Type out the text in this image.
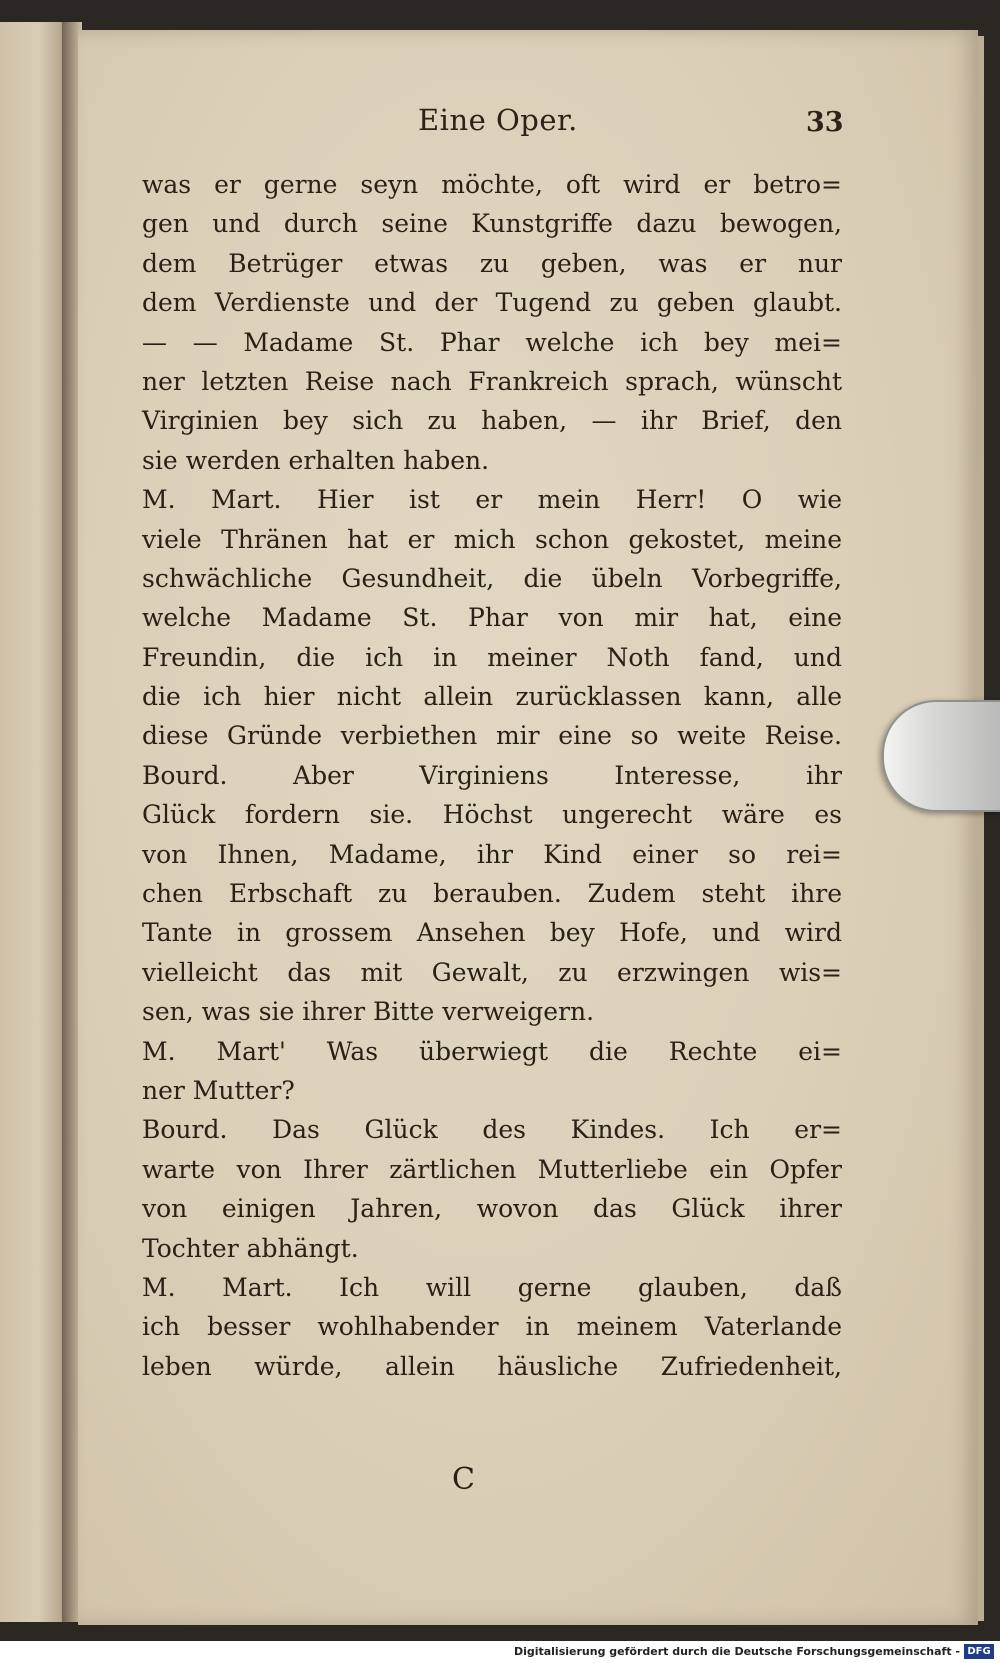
Eine Oper.	33
was er gerne seyn möchte, oft wird er betro=
gen und durch seine Kunstgriffe dazu bewogen,
dem Betrüger etwas zu geben, was er nur
dem Verdienste und der Tugend zu geben glaubt.
— — Madame St. Phar welche ich bey mei=
ner letzten Reise nach Frankreich sprach, wünscht
Virginien bey sich zu haben, — ihr Brief, den
sie werden erhalten haben.
M. Mart. Hier ist er mein Herr! O wie
viele Thränen hat er mich schon gekostet, meine
schwächliche Gesundheit, die übeln Vorbegriffe,
welche Madame St. Phar von mir hat, eine
Freundin, die ich in meiner Noth fand, und
die ich hier nicht allein zurücklassen kann, alle
diese Gründe verbiethen mir eine so weite Reise.
Bourd. Aber Virginiens Interesse, ihr
Glück fordern sie. Höchst ungerecht wäre es
von Ihnen, Madame, ihr Kind einer so rei=
chen Erbschaft zu berauben. Zudem steht ihre
Tante in grossem Ansehen bey Hofe, und wird
vielleicht das mit Gewalt, zu erzwingen wis=
sen, was sie ihrer Bitte verweigern.
M. Mart' Was überwiegt die Rechte ei=
ner Mutter?
Bourd. Das Glück des Kindes. Ich er=
warte von Ihrer zärtlichen Mutterliebe ein Opfer
von einigen Jahren, wovon das Glück ihrer
Tochter abhängt.
M. Mart. Ich will gerne glauben, daß
ich besser wohlhabender in meinem Vaterlande
leben würde, allein häusliche Zufriedenheit,
C
Digitalisierung gefördert durch die Deutsche Forschungsgemeinschaft - DFG
